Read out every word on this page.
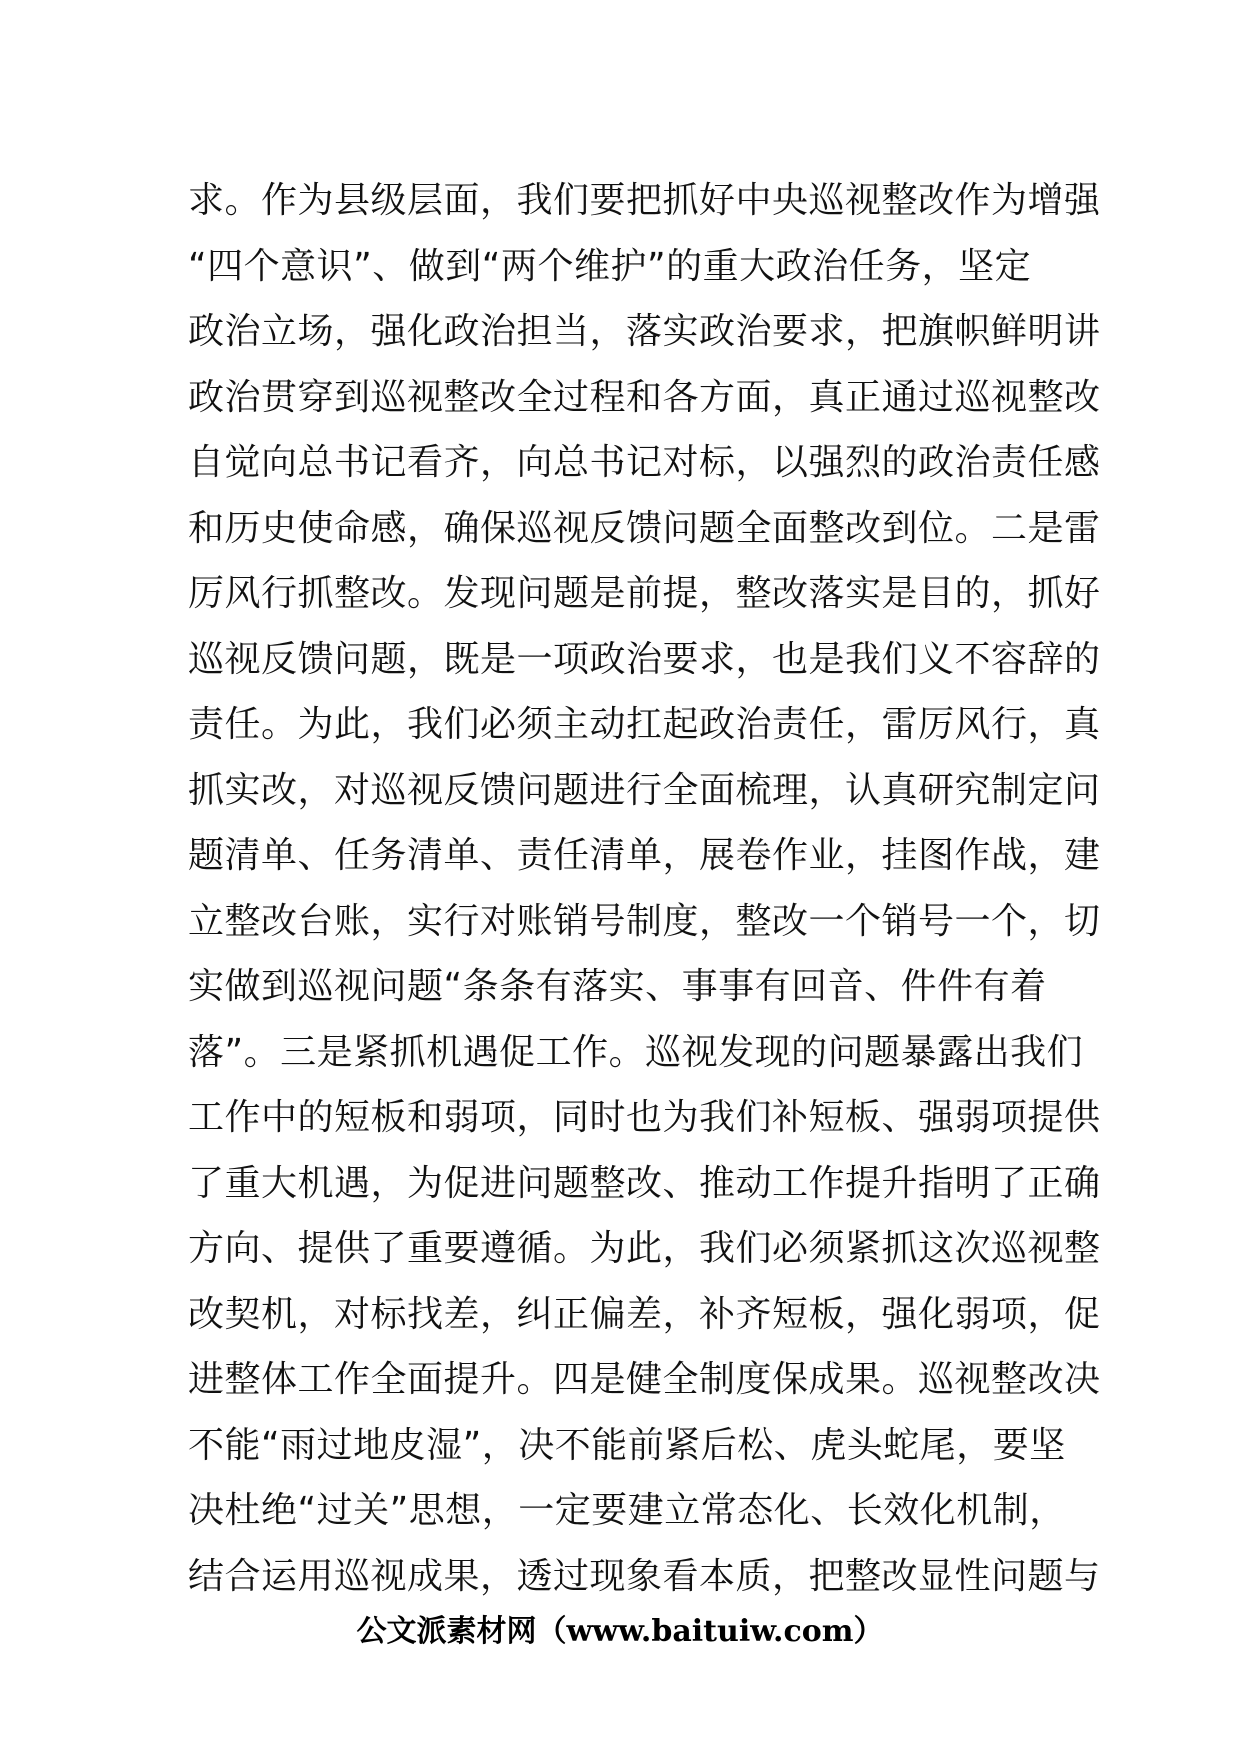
求。作为县级层面，我们要把抓好中央巡视整改作为增强
“四个意识”、做到“两个维护”的重大政治任务，坚定
政治立场，强化政治担当，落实政治要求，把旗帜鲜明讲
政治贯穿到巡视整改全过程和各方面，真正通过巡视整改
自觉向总书记看齐，向总书记对标，以强烈的政治责任感
和历史使命感，确保巡视反馈问题全面整改到位。二是雷
厉风行抓整改。发现问题是前提，整改落实是目的，抓好
巡视反馈问题，既是一项政治要求，也是我们义不容辞的
责任。为此，我们必须主动扛起政治责任，雷厉风行，真
抓实改，对巡视反馈问题进行全面梳理，认真研究制定问
题清单、任务清单、责任清单，展卷作业，挂图作战，建
立整改台账，实行对账销号制度，整改一个销号一个，切
实做到巡视问题“条条有落实、事事有回音、件件有着
落”。三是紧抓机遇促工作。巡视发现的问题暴露出我们
工作中的短板和弱项，同时也为我们补短板、强弱项提供
了重大机遇，为促进问题整改、推动工作提升指明了正确
方向、提供了重要遵循。为此，我们必须紧抓这次巡视整
改契机，对标找差，纠正偏差，补齐短板，强化弱项，促
进整体工作全面提升。四是健全制度保成果。巡视整改决
不能“雨过地皮湿”，决不能前紧后松、虎头蛇尾，要坚
决杜绝“过关”思想，一定要建立常态化、长效化机制，
结合运用巡视成果，透过现象看本质，把整改显性问题与
公文派素材网（www.baituiw.com）
